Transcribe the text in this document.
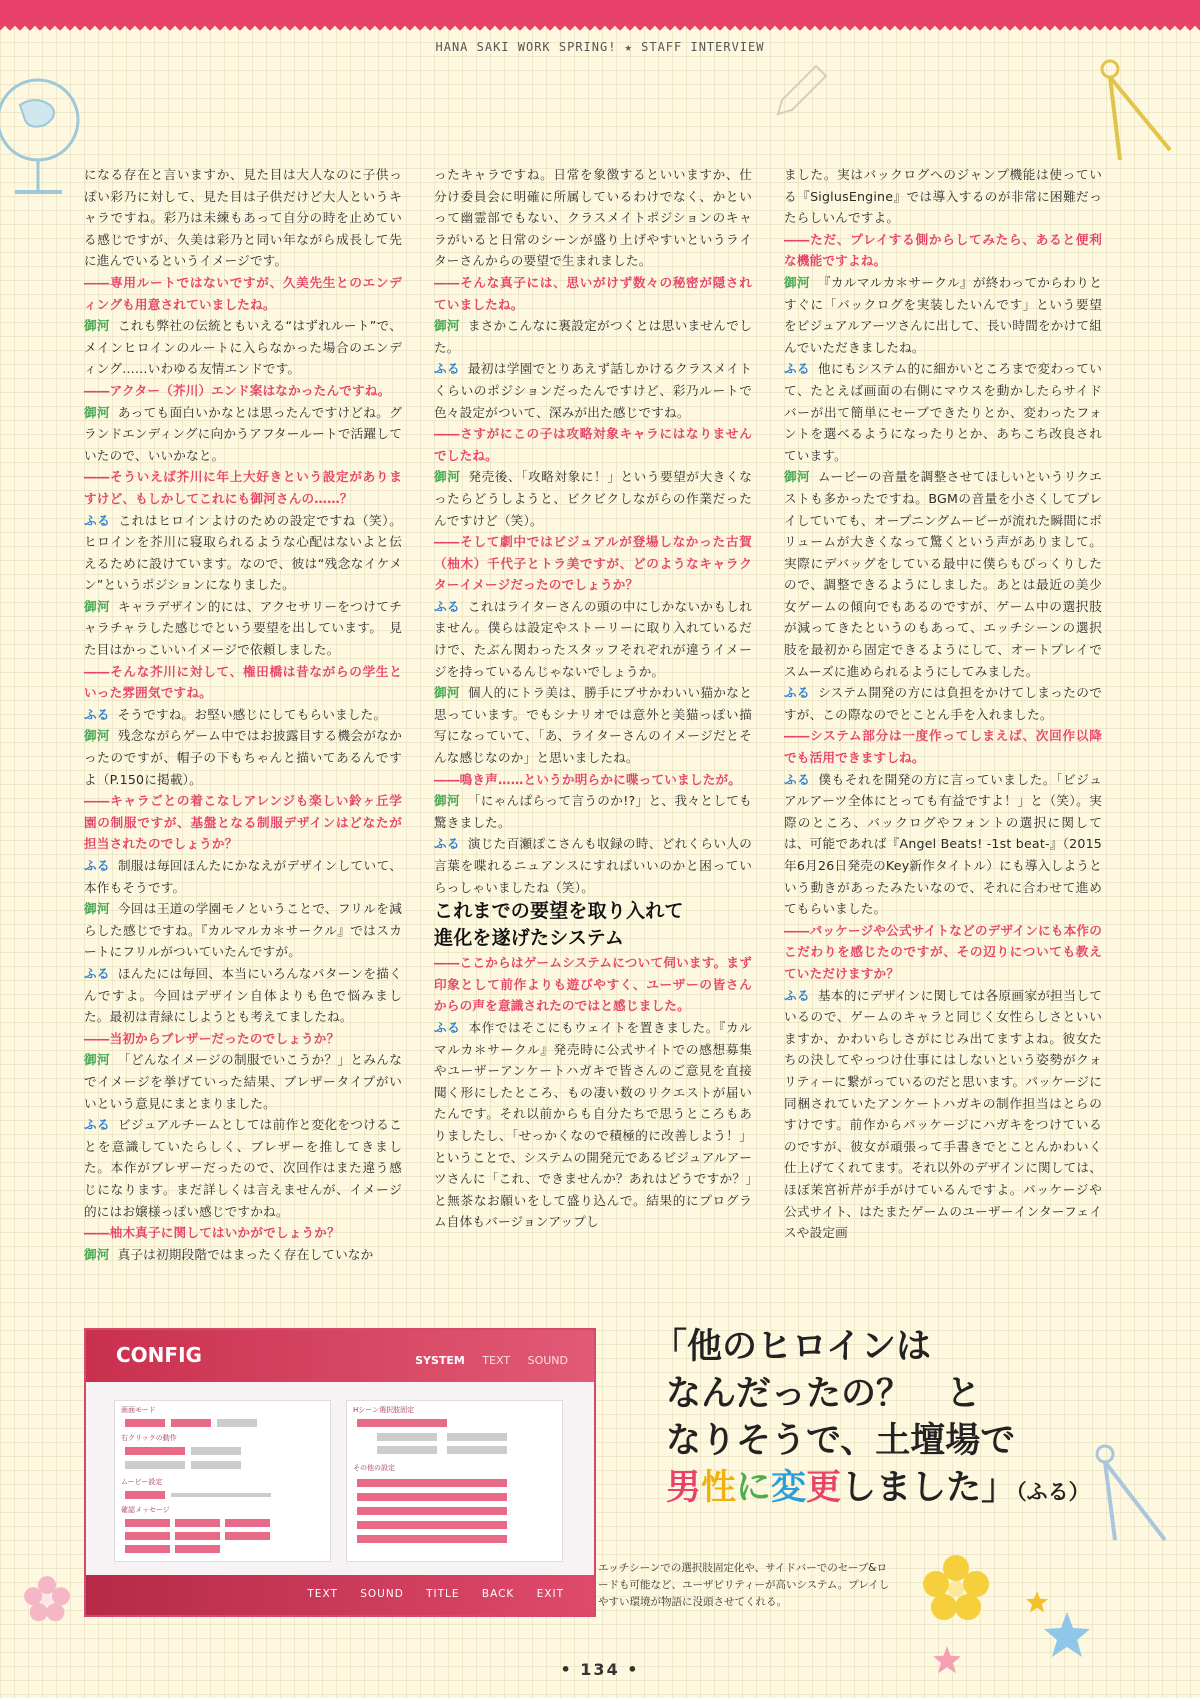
HANA SAKI WORK SPRING! ★ STAFF INTERVIEW

になる存在と言いますか、見た目は大人なのに子供っぽい彩乃に対して、見た目は子供だけど大人というキャラですね。彩乃は未練もあって自分の時を止めている感じですが、久美は彩乃と同い年ながら成長して先に進んでいるというイメージです。

――専用ルートではないですが、久美先生とのエンディングも用意されていましたね。

御河 これも弊社の伝統ともいえる“はずれルート”で、メインヒロインのルートに入らなかった場合のエンディング……いわゆる友情エンドです。

――アクター（芥川）エンド案はなかったんですね。

御河 あっても面白いかなとは思ったんですけどね。グランドエンディングに向かうアフタールートで活躍していたので、いいかなと。

――そういえば芥川に年上大好きという設定がありますけど、もしかしてこれにも御河さんの……？

ふる これはヒロインよけのための設定ですね（笑）。ヒロインを芥川に寝取られるような心配はないよと伝えるために設けています。なので、彼は“残念なイケメン”というポジションになりました。

御河 キャラデザイン的には、アクセサリーをつけてチャラチャラした感じでという要望を出しています。　見た目はかっこいいイメージで依頼しました。

――そんな芥川に対して、権田橋は昔ながらの学生といった雰囲気ですね。

ふる そうですね。お堅い感じにしてもらいました。

御河 残念ながらゲーム中ではお披露目する機会がなかったのですが、帽子の下もちゃんと描いてあるんですよ（P.150に掲載）。

――キャラごとの着こなしアレンジも楽しい鈴ヶ丘学園の制服ですが、基盤となる制服デザインはどなたが担当されたのでしょうか？

ふる 制服は毎回ほんたにかなえがデザインしていて、本作もそうです。

御河 今回は王道の学園モノということで、フリルを減らした感じですね。『カルマルカ＊サークル』ではスカートにフリルがついていたんですが。

ふる ほんたには毎回、本当にいろんなパターンを描くんですよ。今回はデザイン自体よりも色で悩みました。最初は青緑にしようとも考えてましたね。

――当初からブレザーだったのでしょうか？

御河 「どんなイメージの制服でいこうか？」とみんなでイメージを挙げていった結果、ブレザータイプがいいという意見にまとまりました。

ふる ビジュアルチームとしては前作と変化をつけることを意識していたらしく、ブレザーを推してきました。本作がブレザーだったので、次回作はまた違う感じになります。まだ詳しくは言えませんが、イメージ的にはお嬢様っぽい感じですかね。

――柚木真子に関してはいかがでしょうか？

御河 真子は初期段階ではまったく存在していなか

ったキャラですね。日常を象徴するといいますか、仕分け委員会に明確に所属しているわけでなく、かといって幽霊部でもない、クラスメイトポジションのキャラがいると日常のシーンが盛り上げやすいというライターさんからの要望で生まれました。

――そんな真子には、思いがけず数々の秘密が隠されていましたね。

御河 まさかこんなに裏設定がつくとは思いませんでした。

ふる 最初は学園でとりあえず話しかけるクラスメイトくらいのポジションだったんですけど、彩乃ルートで色々設定がついて、深みが出た感じですね。

――さすがにこの子は攻略対象キャラにはなりませんでしたね。

御河 発売後、「攻略対象に！」という要望が大きくなったらどうしようと、ビクビクしながらの作業だったんですけど（笑）。

――そして劇中ではビジュアルが登場しなかった古賀（柚木）千代子とトラ美ですが、どのようなキャラクターイメージだったのでしょうか？

ふる これはライターさんの頭の中にしかないかもしれません。僕らは設定やストーリーに取り入れているだけで、たぶん関わったスタッフそれぞれが違うイメージを持っているんじゃないでしょうか。

御河 個人的にトラ美は、勝手にブサかわいい猫かなと思っています。でもシナリオでは意外と美猫っぽい描写になっていて、「あ、ライターさんのイメージだとそんな感じなのか」と思いましたね。

――鳴き声……というか明らかに喋っていましたが。

御河 「にゃんぱらって言うのか!?」と、我々としても驚きました。

ふる 演じた百瀬ぽこさんも収録の時、どれくらい人の言葉を喋れるニュアンスにすればいいのかと困っていらっしゃいましたね（笑）。

これまでの要望を取り入れて
進化を遂げたシステム

――ここからはゲームシステムについて伺います。まず印象として前作よりも遊びやすく、ユーザーの皆さんからの声を意識されたのではと感じました。

ふる 本作ではそこにもウェイトを置きました。『カルマルカ＊サークル』発売時に公式サイトでの感想募集やユーザーアンケートハガキで皆さんのご意見を直接聞く形にしたところ、もの凄い数のリクエストが届いたんです。それ以前からも自分たちで思うところもありましたし、「せっかくなので積極的に改善しよう！」ということで、システムの開発元であるビジュアルアーツさんに「これ、できませんか？あれはどうですか？」と無茶なお願いをして盛り込んで。結果的にプログラム自体もバージョンアップし

ました。実はバックログへのジャンプ機能は使っている『SiglusEngine』では導入するのが非常に困難だったらしいんですよ。

――ただ、プレイする側からしてみたら、あると便利な機能ですよね。

御河 『カルマルカ＊サークル』が終わってからわりとすぐに「バックログを実装したいんです」という要望をビジュアルアーツさんに出して、長い時間をかけて組んでいただきましたね。

ふる 他にもシステム的に細かいところまで変わっていて、たとえば画面の右側にマウスを動かしたらサイドバーが出て簡単にセーブできたりとか、変わったフォントを選べるようになったりとか、あちこち改良されています。

御河 ムービーの音量を調整させてほしいというリクエストも多かったですね。BGMの音量を小さくしてプレイしていても、オープニングムービーが流れた瞬間にボリュームが大きくなって驚くという声がありまして。実際にデバッグをしている最中に僕らもびっくりしたので、調整できるようにしました。あとは最近の美少女ゲームの傾向でもあるのですが、ゲーム中の選択肢が減ってきたというのもあって、エッチシーンの選択肢を最初から固定できるようにして、オートプレイでスムーズに進められるようにしてみました。

ふる システム開発の方には負担をかけてしまったのですが、この際なのでとことん手を入れました。

――システム部分は一度作ってしまえば、次回作以降でも活用できますしね。

ふる 僕もそれを開発の方に言っていました。「ビジュアルアーツ全体にとっても有益ですよ！」と（笑）。実際のところ、バックログやフォントの選択に関しては、可能であれば『Angel Beats! -1st beat-』（2015年6月26日発売のKey新作タイトル）にも導入しようという動きがあったみたいなので、それに合わせて進めてもらいました。

――パッケージや公式サイトなどのデザインにも本作のこだわりを感じたのですが、その辺りについても教えていただけますか？

ふる 基本的にデザインに関しては各原画家が担当しているので、ゲームのキャラと同じく女性らしさといいますか、かわいらしさがにじみ出てますよね。彼女たちの決してやっつけ仕事にはしないという姿勢がクォリティーに繋がっているのだと思います。パッケージに同梱されていたアンケートハガキの制作担当はとらのすけです。前作からパッケージにハガキをつけているのですが、彼女が頑張って手書きでとことんかわいく仕上げてくれてます。それ以外のデザインに関しては、ほぼ茉宮祈芹が手がけているんですよ。パッケージや公式サイト、はたまたゲームのユーザーインターフェイスや設定画

CONFIG	SYSTEM TEXT SOUND
画面モード
右クリックの動作
ムービー設定
確認メッセージ
Hシーン選択肢固定
その他の設定
TEXT SOUND TITLE BACK EXIT
「他のヒロインは
なんだったの？　と
なりそうで、土壇場で
男性に変更しました」（ふる）
エッチシーンでの選択肢固定化や、サイドバーでのセーブ&ロードも可能など、ユーザビリティーが高いシステム。プレイしやすい環境が物語に没頭させてくれる。
• 134 •
